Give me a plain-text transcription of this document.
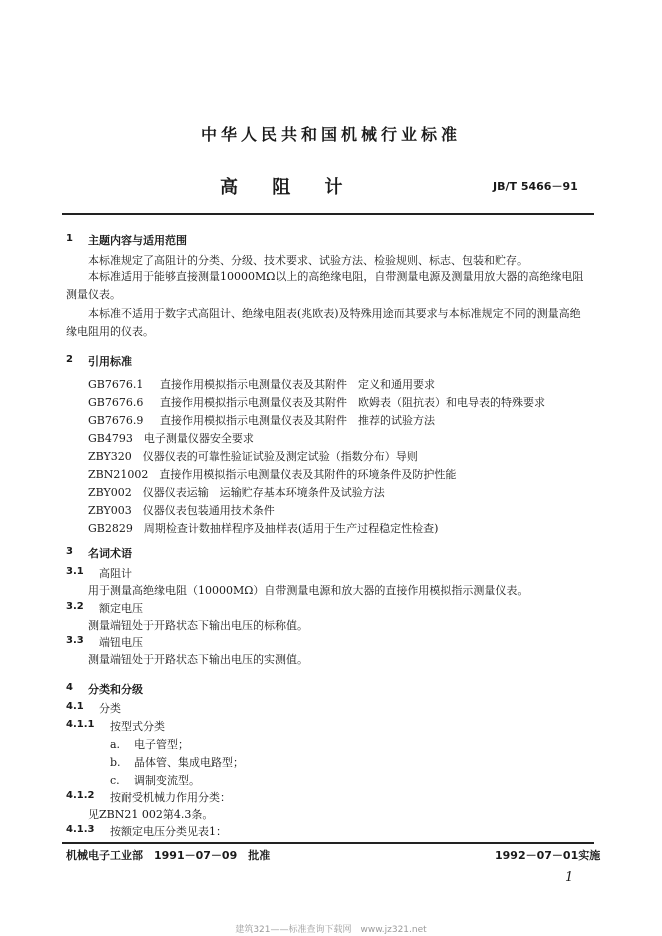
中华人民共和国机械行业标准
高 阻 计	JB/T 5466－91
1 主题内容与适用范围
本标准规定了高阻计的分类、分级、技术要求、试验方法、检验规则、标志、包装和贮存。
本标准适用于能够直接测量10000MΩ以上的高绝缘电阻，自带测量电源及测量用放大器的高绝缘电阻测量仪表。
本标准不适用于数字式高阻计、绝缘电阻表(兆欧表)及特殊用途而其要求与本标准规定不同的测量高绝缘电阻用的仪表。
2 引用标准
GB7676.1 直接作用模拟指示电测量仪表及其附件　定义和通用要求
GB7676.6 直接作用模拟指示电测量仪表及其附件　欧姆表（阻抗表）和电导表的特殊要求
GB7676.9 直接作用模拟指示电测量仪表及其附件　推荐的试验方法
GB4793　 电子测量仪器安全要求
ZBY320　 仪器仪表的可靠性验证试验及测定试验（指数分布）导则
ZBN21002　 直接作用模拟指示电测量仪表及其附件的环境条件及防护性能
ZBY002　 仪器仪表运输　运输贮存基本环境条件及试验方法
ZBY003　 仪器仪表包装通用技术条件
GB2829　 周期检查计数抽样程序及抽样表(适用于生产过程稳定性检查)
3 名词术语
3.1 高阻计
用于测量高绝缘电阻（10000MΩ）自带测量电源和放大器的直接作用模拟指示测量仪表。
3.2 额定电压
测量端钮处于开路状态下输出电压的标称值。
3.3 端钮电压
测量端钮处于开路状态下输出电压的实测值。
4 分类和分级
4.1 分类
4.1.1 按型式分类
a. 电子管型；
b. 晶体管、集成电路型；
c. 调制变流型。
4.1.2 按耐受机械力作用分类：
见ZBN21 002第4.3条。
4.1.3 按额定电压分类见表1：
机械电子工业部　1991－07－09　批准	1992－07－01实施
1
建筑321——标准查询下载网　www.jz321.net
